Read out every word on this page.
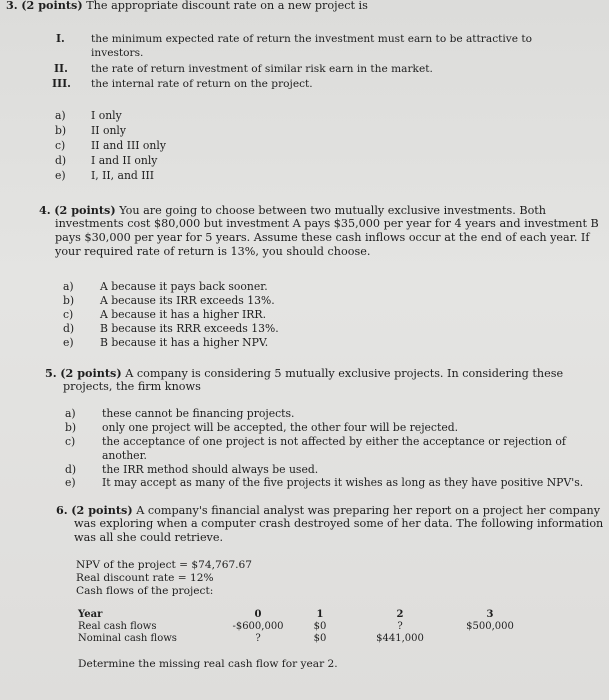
3. (2 points) The appropriate discount rate on a new project is
I. the minimum expected rate of return the investment must earn to be attractive to investors.
II. the rate of return investment of similar risk earn in the market.
III. the internal rate of return on the project.
a) I only
b) II only
c) II and III only
d) I and II only
e) I, II, and III
4. (2 points) You are going to choose between two mutually exclusive investments. Both
investments cost $80,000 but investment A pays $35,000 per year for 4 years and investment B
pays $30,000 per year for 5 years. Assume these cash inflows occur at the end of each year. If
your required rate of return is 13%, you should choose.
a) A because it pays back sooner.
b) A because its IRR exceeds 13%.
c) A because it has a higher IRR.
d) B because its RRR exceeds 13%.
e) B because it has a higher NPV.
5. (2 points) A company is considering 5 mutually exclusive projects. In considering these
projects, the firm knows
a) these cannot be financing projects.
b) only one project will be accepted, the other four will be rejected.
c) the acceptance of one project is not affected by either the acceptance or rejection of another.
d) the IRR method should always be used.
e) It may accept as many of the five projects it wishes as long as they have positive NPV's.
6. (2 points) A company's financial analyst was preparing her report on a project her company
was exploring when a computer crash destroyed some of her data. The following information
was all she could retrieve.
NPV of the project = $74,767.67
Real discount rate = 12%
Cash flows of the project:
Year	0	1	2	3
Real cash flows	-$600,000	$0	?	$500,000
Nominal cash flows	?	$0	$441,000
Determine the missing real cash flow for year 2.
